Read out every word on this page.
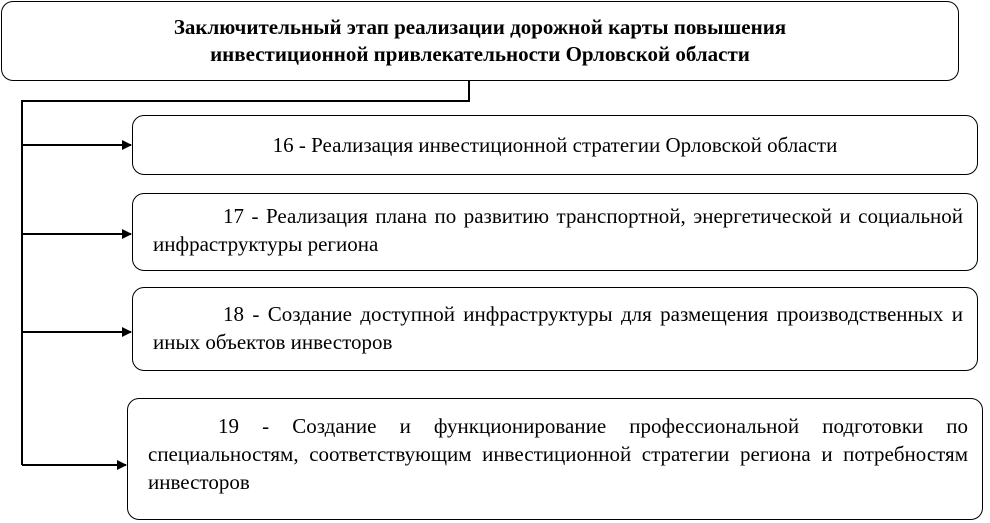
Заключительный этап реализации дорожной карты повышения
инвестиционной привлекательности Орловской области

16 - Реализация инвестиционной стратегии Орловской области

17 - Реализация плана по развитию транспортной, энергетической и социальной инфраструктуры региона

18 - Создание доступной инфраструктуры для размещения производственных и иных объектов инвесторов

19 - Создание и функционирование профессиональной подготовки по специальностям, соответствующим инвестиционной стратегии региона и потребностям инвесторов
